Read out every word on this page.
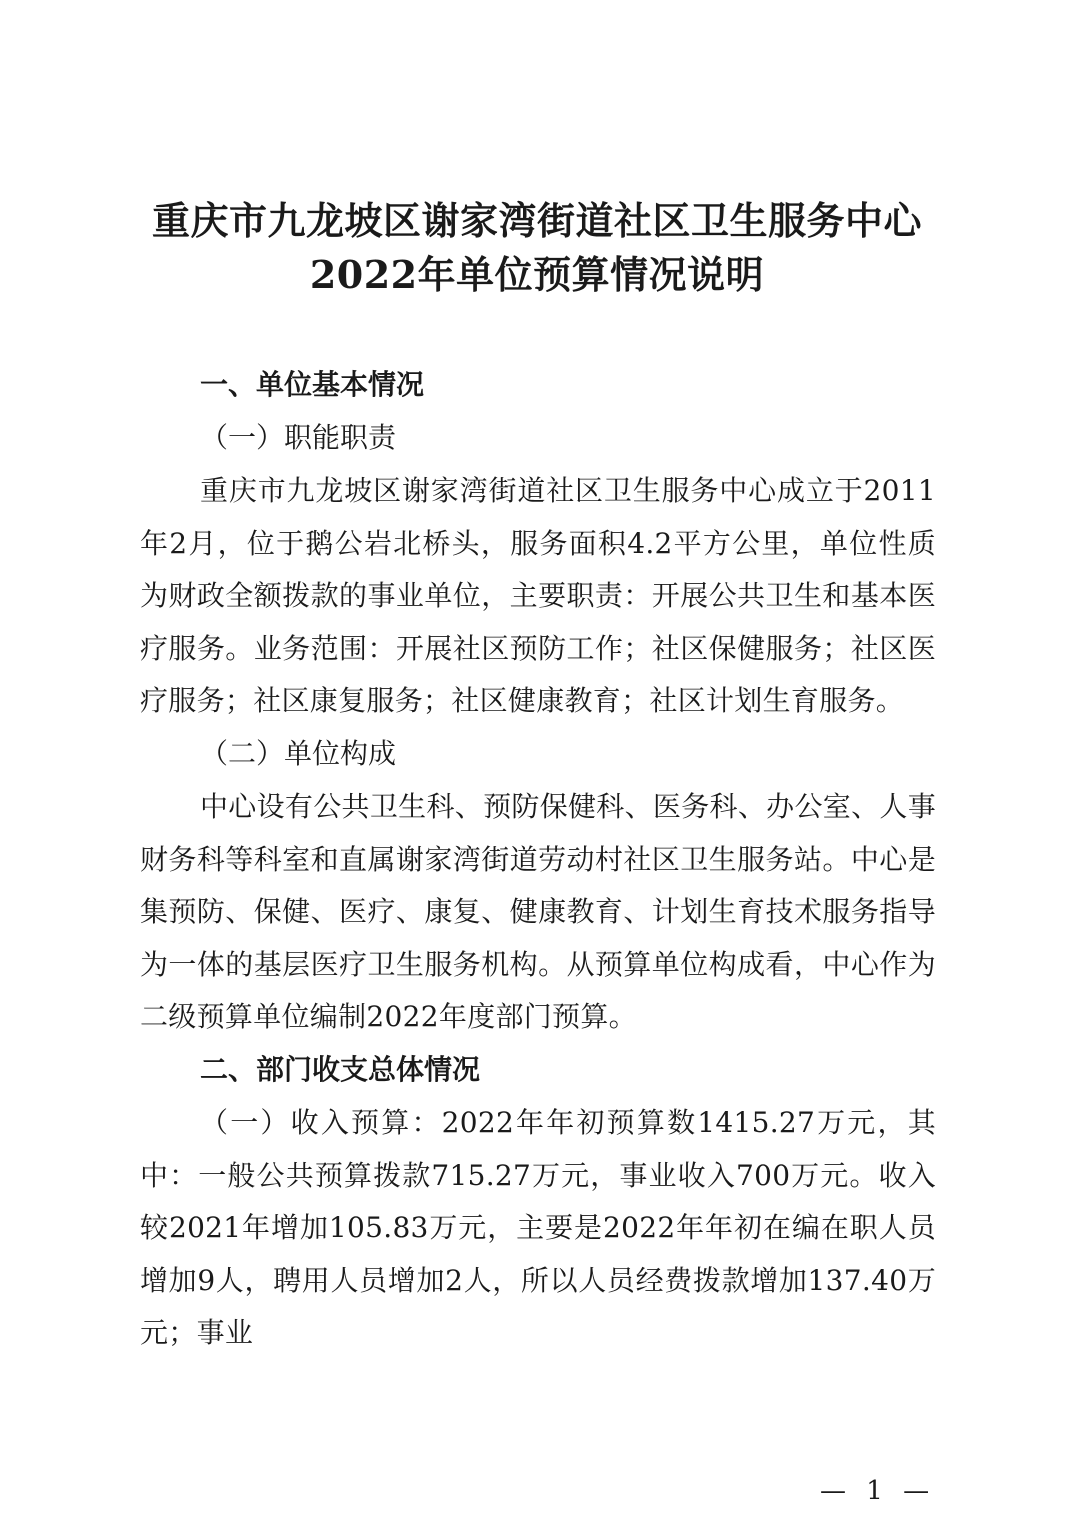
重庆市九龙坡区谢家湾街道社区卫生服务中心
2022年单位预算情况说明

一、单位基本情况

（一）职能职责

重庆市九龙坡区谢家湾街道社区卫生服务中心成立于2011年2月，位于鹅公岩北桥头，服务面积4.2平方公里，单位性质为财政全额拨款的事业单位，主要职责：开展公共卫生和基本医疗服务。业务范围：开展社区预防工作；社区保健服务；社区医疗服务；社区康复服务；社区健康教育；社区计划生育服务。

（二）单位构成

中心设有公共卫生科、预防保健科、医务科、办公室、人事财务科等科室和直属谢家湾街道劳动村社区卫生服务站。中心是集预防、保健、医疗、康复、健康教育、计划生育技术服务指导为一体的基层医疗卫生服务机构。从预算单位构成看，中心作为二级预算单位编制2022年度部门预算。

二、部门收支总体情况

（一）收入预算：2022年年初预算数1415.27万元，其中：一般公共预算拨款715.27万元，事业收入700万元。收入较2021年增加105.83万元，主要是2022年年初在编在职人员增加9人，聘用人员增加2人，所以人员经费拨款增加137.40万元；事业

— 1 —
